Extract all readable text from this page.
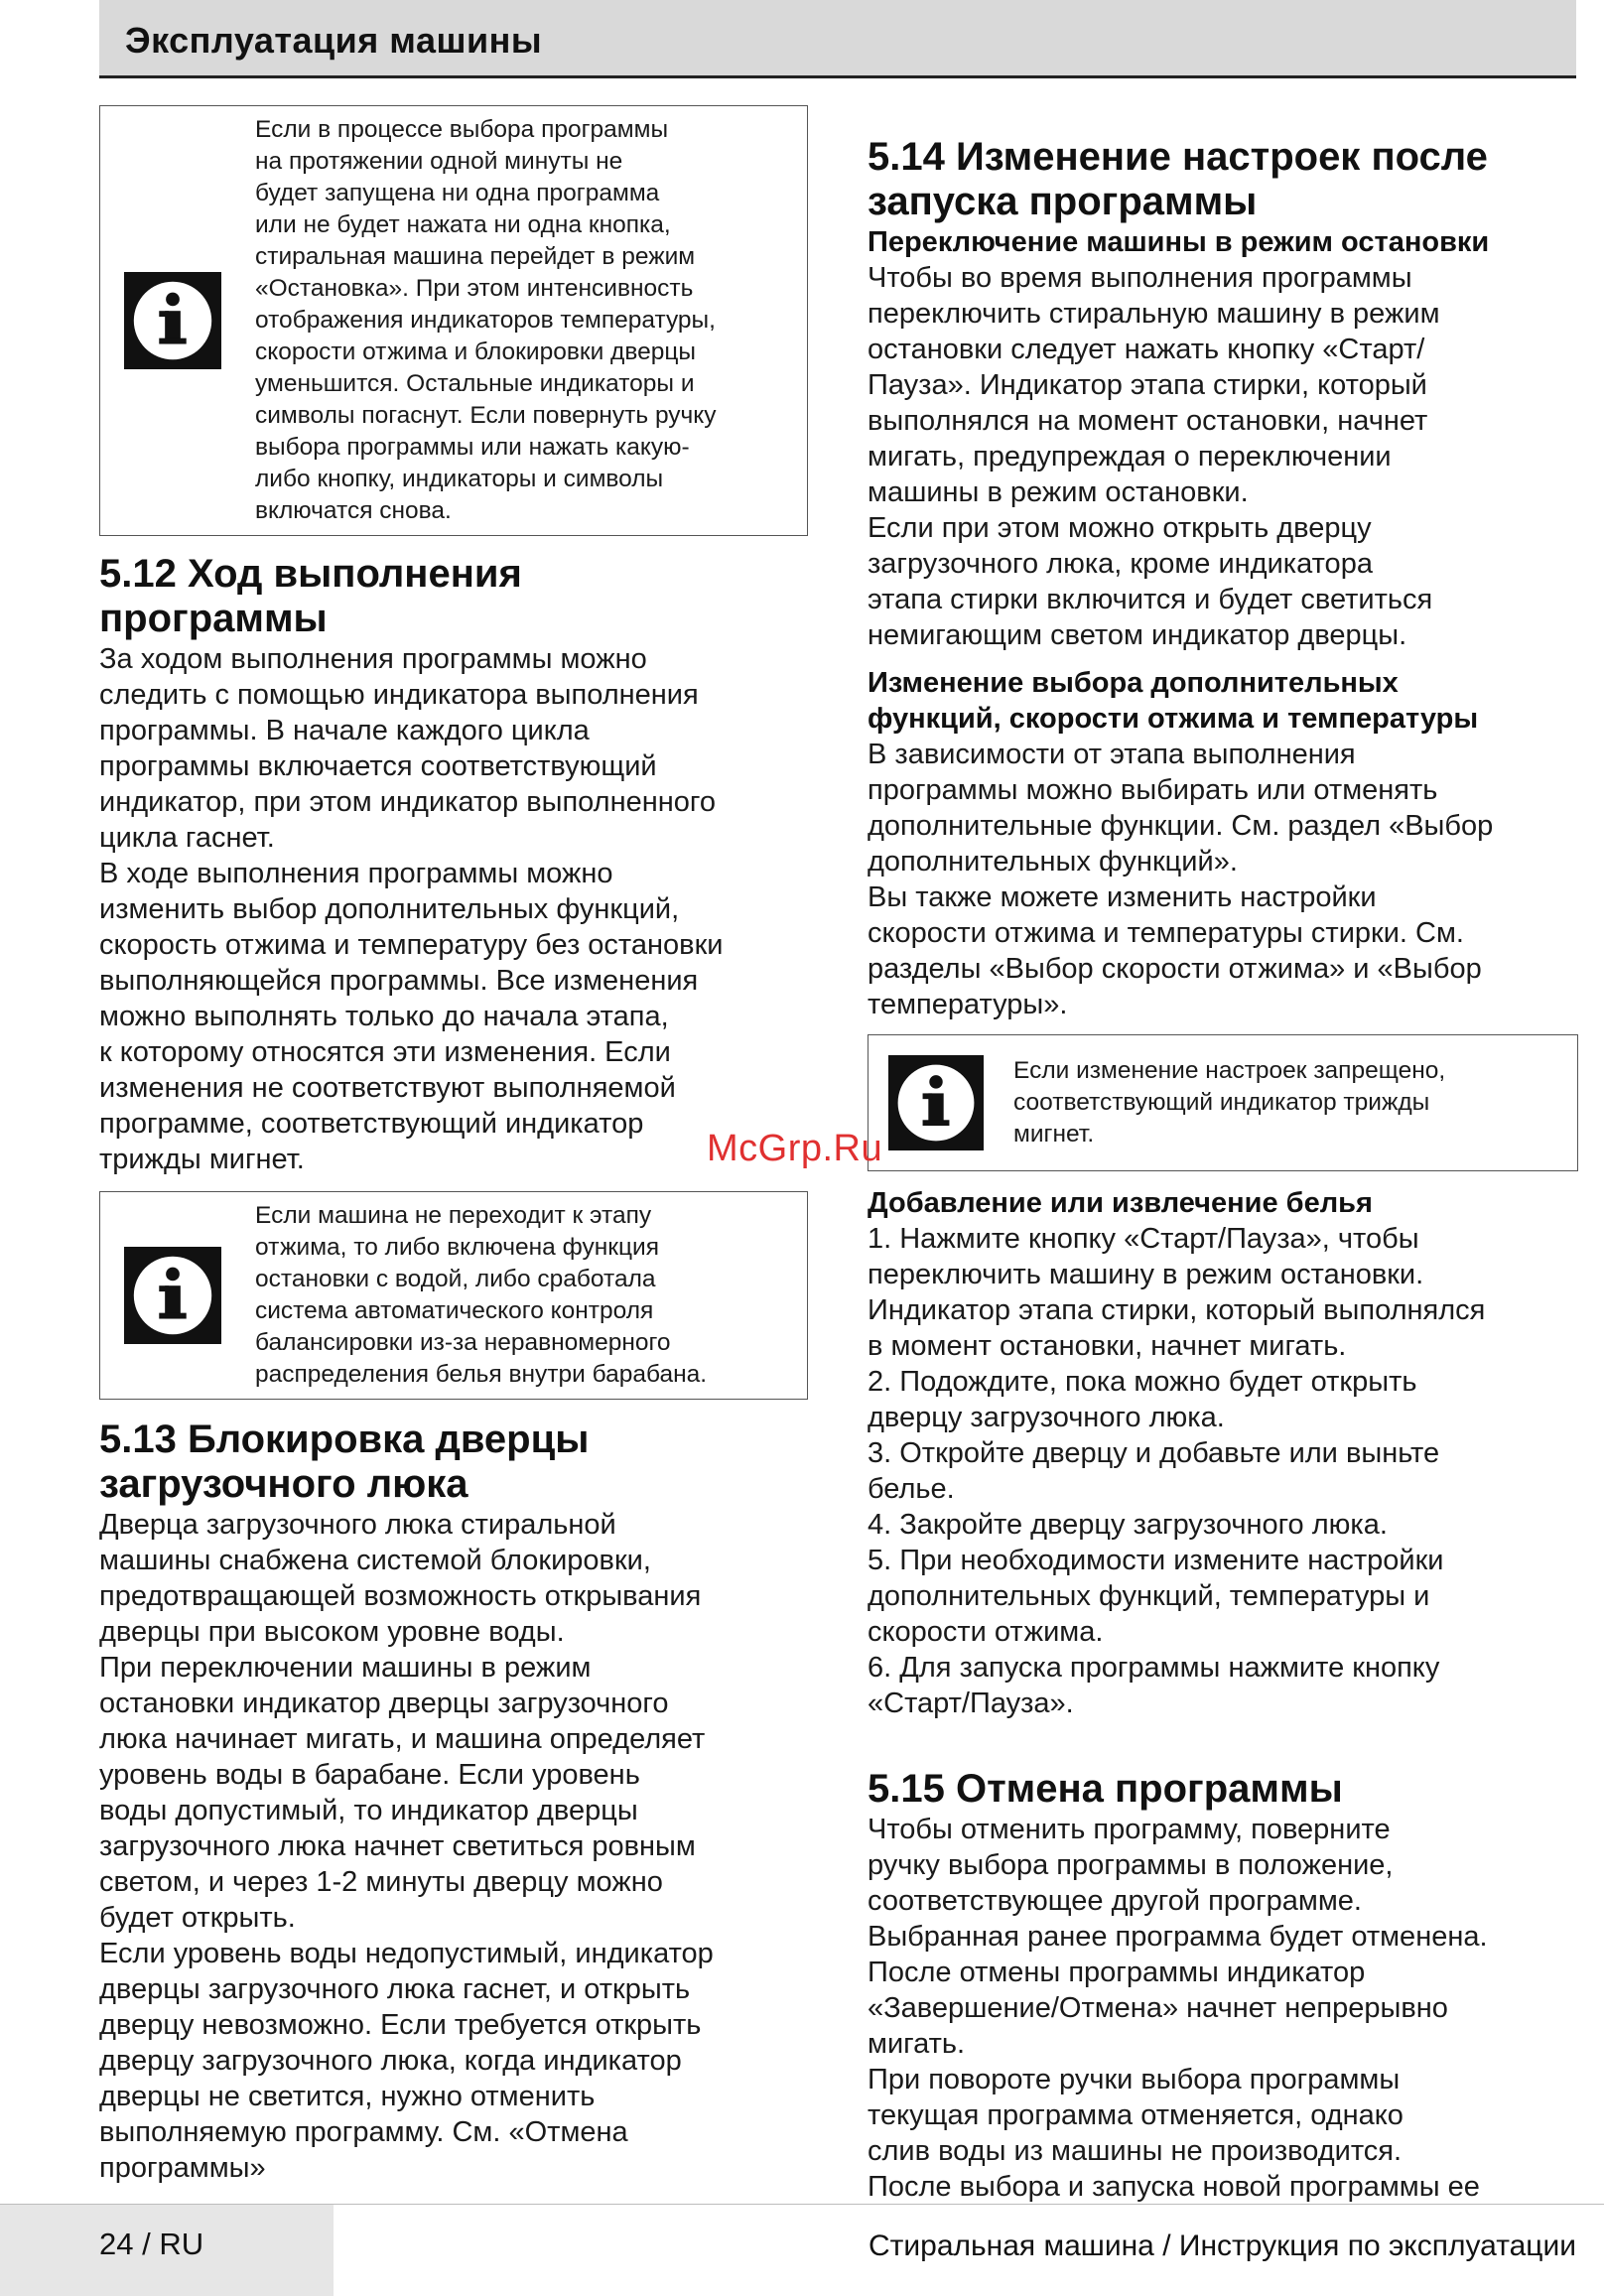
Эксплуатация машины
Если в процессе выбора программы
на протяжении одной минуты не
будет запущена ни одна программа
или не будет нажата ни одна кнопка,
стиральная машина перейдет в режим
«Остановка». При этом интенсивность
отображения индикаторов температуры,
скорости отжима и блокировки дверцы
уменьшится. Остальные индикаторы и
символы погаснут. Если повернуть ручку
выбора программы или нажать какую-
либо кнопку, индикаторы и символы
включатся снова.
5.12 Ход выполнения
программы
За ходом выполнения программы можно
следить с помощью индикатора выполнения
программы. В начале каждого цикла
программы включается соответствующий
индикатор, при этом индикатор выполненного
цикла гаснет.
В ходе выполнения программы можно
изменить выбор дополнительных функций,
скорость отжима и температуру без остановки
выполняющейся программы. Все изменения
можно выполнять только до начала этапа,
к которому относятся эти изменения. Если
изменения не соответствуют выполняемой
программе, соответствующий индикатор
трижды мигнет.
Если машина не переходит к этапу
отжима, то либо включена функция
остановки с водой, либо сработала
система автоматического контроля
балансировки из-за неравномерного
распределения белья внутри барабана.
5.13 Блокировка дверцы
загрузочного люка
Дверца загрузочного люка стиральной
машины снабжена системой блокировки,
предотвращающей возможность открывания
дверцы при высоком уровне воды.
При переключении машины в режим
остановки индикатор дверцы загрузочного
люка начинает мигать, и машина определяет
уровень воды в барабане. Если уровень
воды допустимый, то индикатор дверцы
загрузочного люка начнет светиться ровным
светом, и через 1-2 минуты дверцу можно
будет открыть.
Если уровень воды недопустимый, индикатор
дверцы загрузочного люка гаснет, и открыть
дверцу невозможно. Если требуется открыть
дверцу загрузочного люка, когда индикатор
дверцы не светится, нужно отменить
выполняемую программу. См. «Отмена
программы»
5.14 Изменение настроек после
запуска программы
Переключение машины в режим остановки
Чтобы во время выполнения программы
переключить стиральную машину в режим
остановки следует нажать кнопку «Старт/
Пауза». Индикатор этапа стирки, который
выполнялся на момент остановки, начнет
мигать, предупреждая о переключении
машины в режим остановки.
Если при этом можно открыть дверцу
загрузочного люка, кроме индикатора
этапа стирки включится и будет светиться
немигающим светом индикатор дверцы.
Изменение выбора дополнительных
функций, скорости отжима и температуры
В зависимости от этапа выполнения
программы можно выбирать или отменять
дополнительные функции. См. раздел «Выбор
дополнительных функций».
Вы также можете изменить настройки
скорости отжима и температуры стирки. См.
разделы «Выбор скорости отжима» и «Выбор
температуры».
Если изменение настроек запрещено,
соответствующий индикатор трижды
мигнет.
Добавление или извлечение белья
1. Нажмите кнопку «Старт/Пауза», чтобы
переключить машину в режим остановки.
Индикатор этапа стирки, который выполнялся
в момент остановки, начнет мигать.
2. Подождите, пока можно будет открыть
дверцу загрузочного люка.
3. Откройте дверцу и добавьте или выньте
белье.
4. Закройте дверцу загрузочного люка.
5. При необходимости измените настройки
дополнительных функций, температуры и
скорости отжима.
6. Для запуска программы нажмите кнопку
«Старт/Пауза».
5.15 Отмена программы
Чтобы отменить программу, поверните
ручку выбора программы в положение,
соответствующее другой программе.
Выбранная ранее программа будет отменена.
После отмены программы индикатор
«Завершение/Отмена» начнет непрерывно
мигать.
При повороте ручки выбора программы
текущая программа отменяется, однако
слив воды из машины не производится.
После выбора и запуска новой программы ее
McGrp.Ru
24 / RU	Стиральная машина / Инструкция по эксплуатации
